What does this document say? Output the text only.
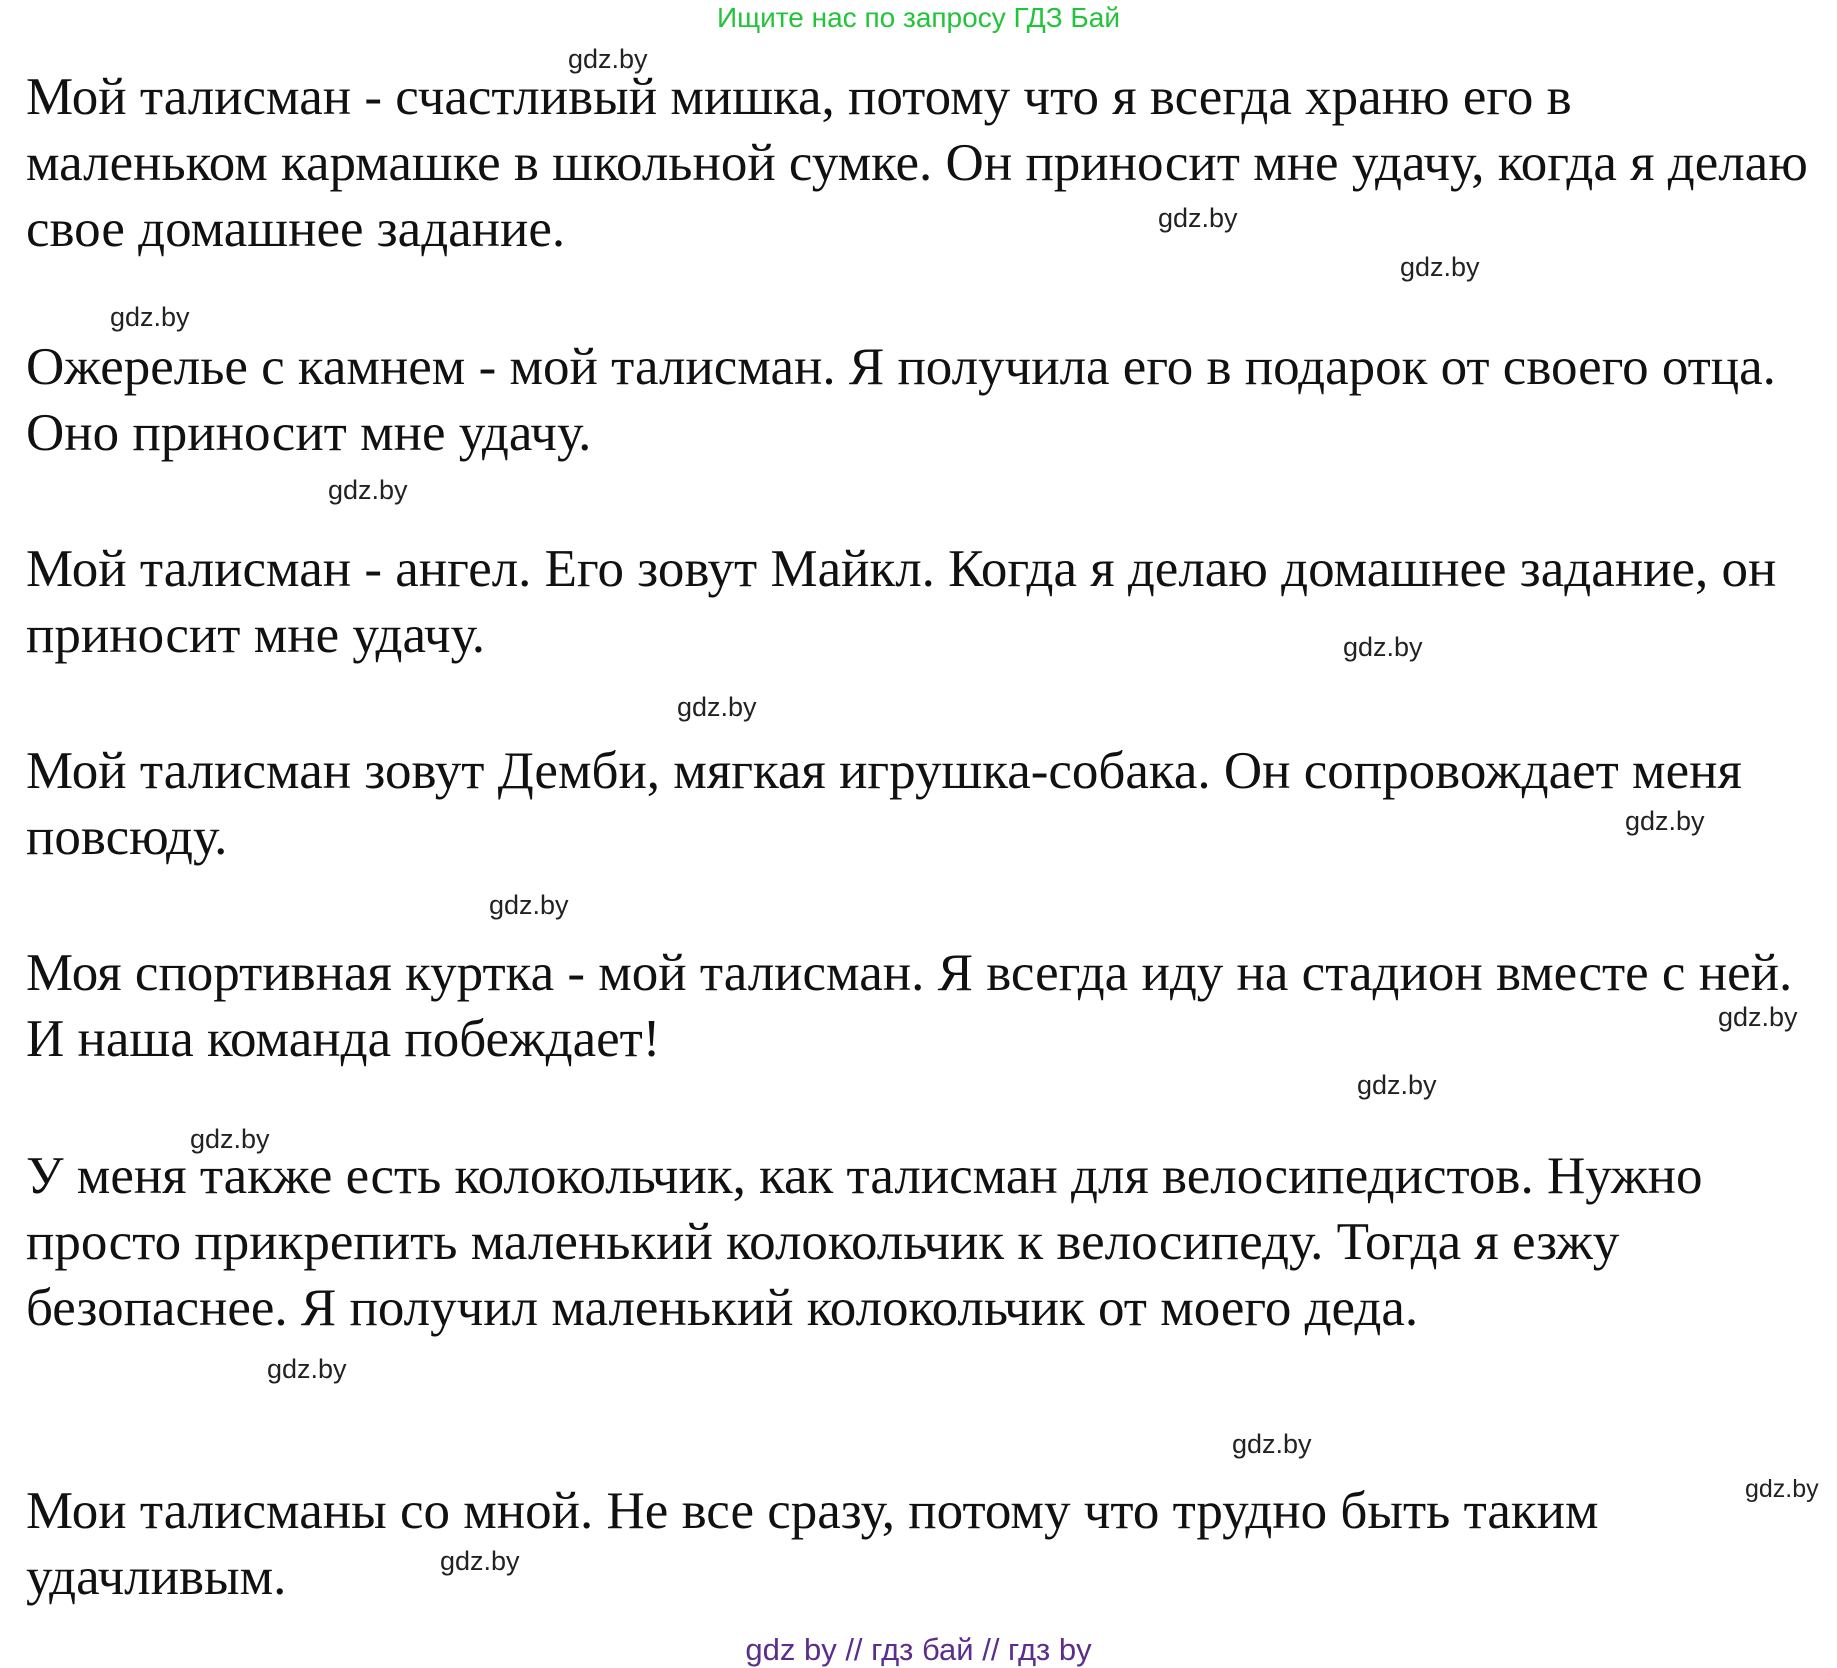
Ищите нас по запросу ГДЗ Бай

Мой талисман - счастливый мишка, потому что я всегда храню его в маленьком кармашке в школьной сумке. Он приносит мне удачу, когда я делаю свое домашнее задание.

Ожерелье с камнем - мой талисман. Я получила его в подарок от своего отца. Оно приносит мне удачу.

Мой талисман - ангел. Его зовут Майкл. Когда я делаю домашнее задание, он приносит мне удачу.

Мой талисман зовут Демби, мягкая игрушка-собака. Он сопровождает меня повсюду.

Моя спортивная куртка - мой талисман. Я всегда иду на стадион вместе с ней. И наша команда побеждает!

У меня также есть колокольчик, как талисман для велосипедистов. Нужно просто прикрепить маленький колокольчик к велосипеду. Тогда я езжу безопаснее. Я получил маленький колокольчик от моего деда.

Мои талисманы со мной. Не все сразу, потому что трудно быть таким удачливым.

gdz.by
gdz.by
gdz.by
gdz.by
gdz.by
gdz.by
gdz.by
gdz.by
gdz.by
gdz.by
gdz.by
gdz.by
gdz.by
gdz.by
gdz.by
gdz.by
gdz by // гдз бай // гдз by
